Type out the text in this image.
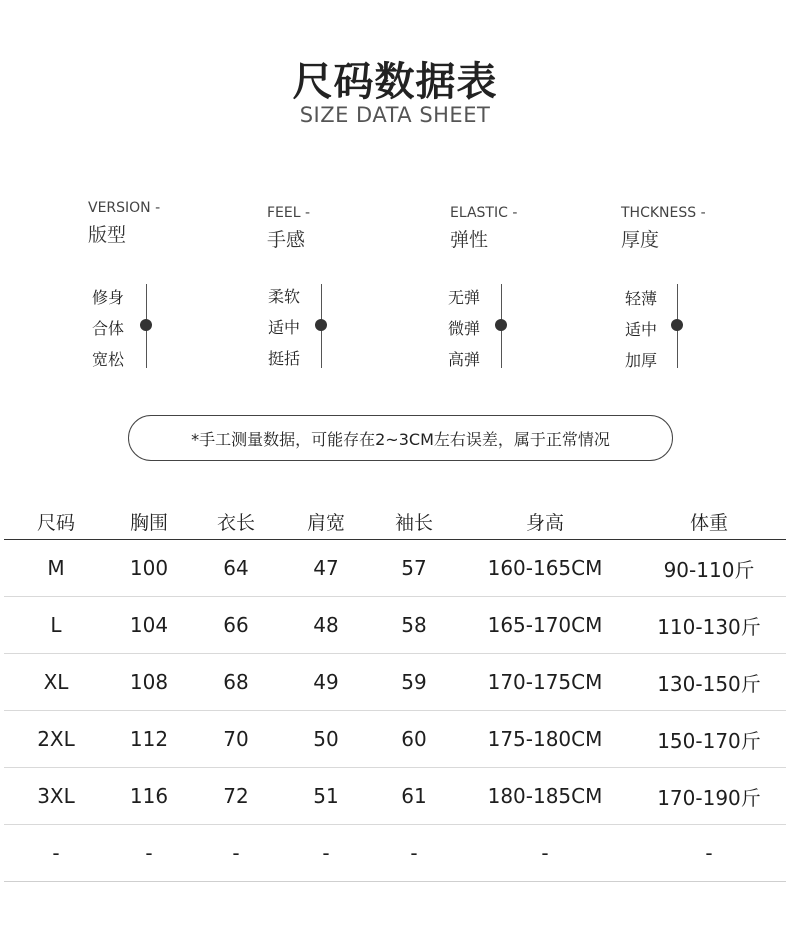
尺码数据表
SIZE DATA SHEET
VERSION -
版型
FEEL -
手感
ELASTIC -
弹性
THCKNESS -
厚度
修身
合体
宽松
柔软
适中
挺括
无弹
微弹
高弹
轻薄
适中
加厚
*手工测量数据，可能存在2~3CM左右误差，属于正常情况
尺码	胸围	衣长	肩宽	袖长	身高	体重
M	100	64	47	57	160-165CM	90-110斤
L	104	66	48	58	165-170CM	110-130斤
XL	108	68	49	59	170-175CM	130-150斤
2XL	112	70	50	60	175-180CM	150-170斤
3XL	116	72	51	61	180-185CM	170-190斤
-	-	-	-	-	-	-
